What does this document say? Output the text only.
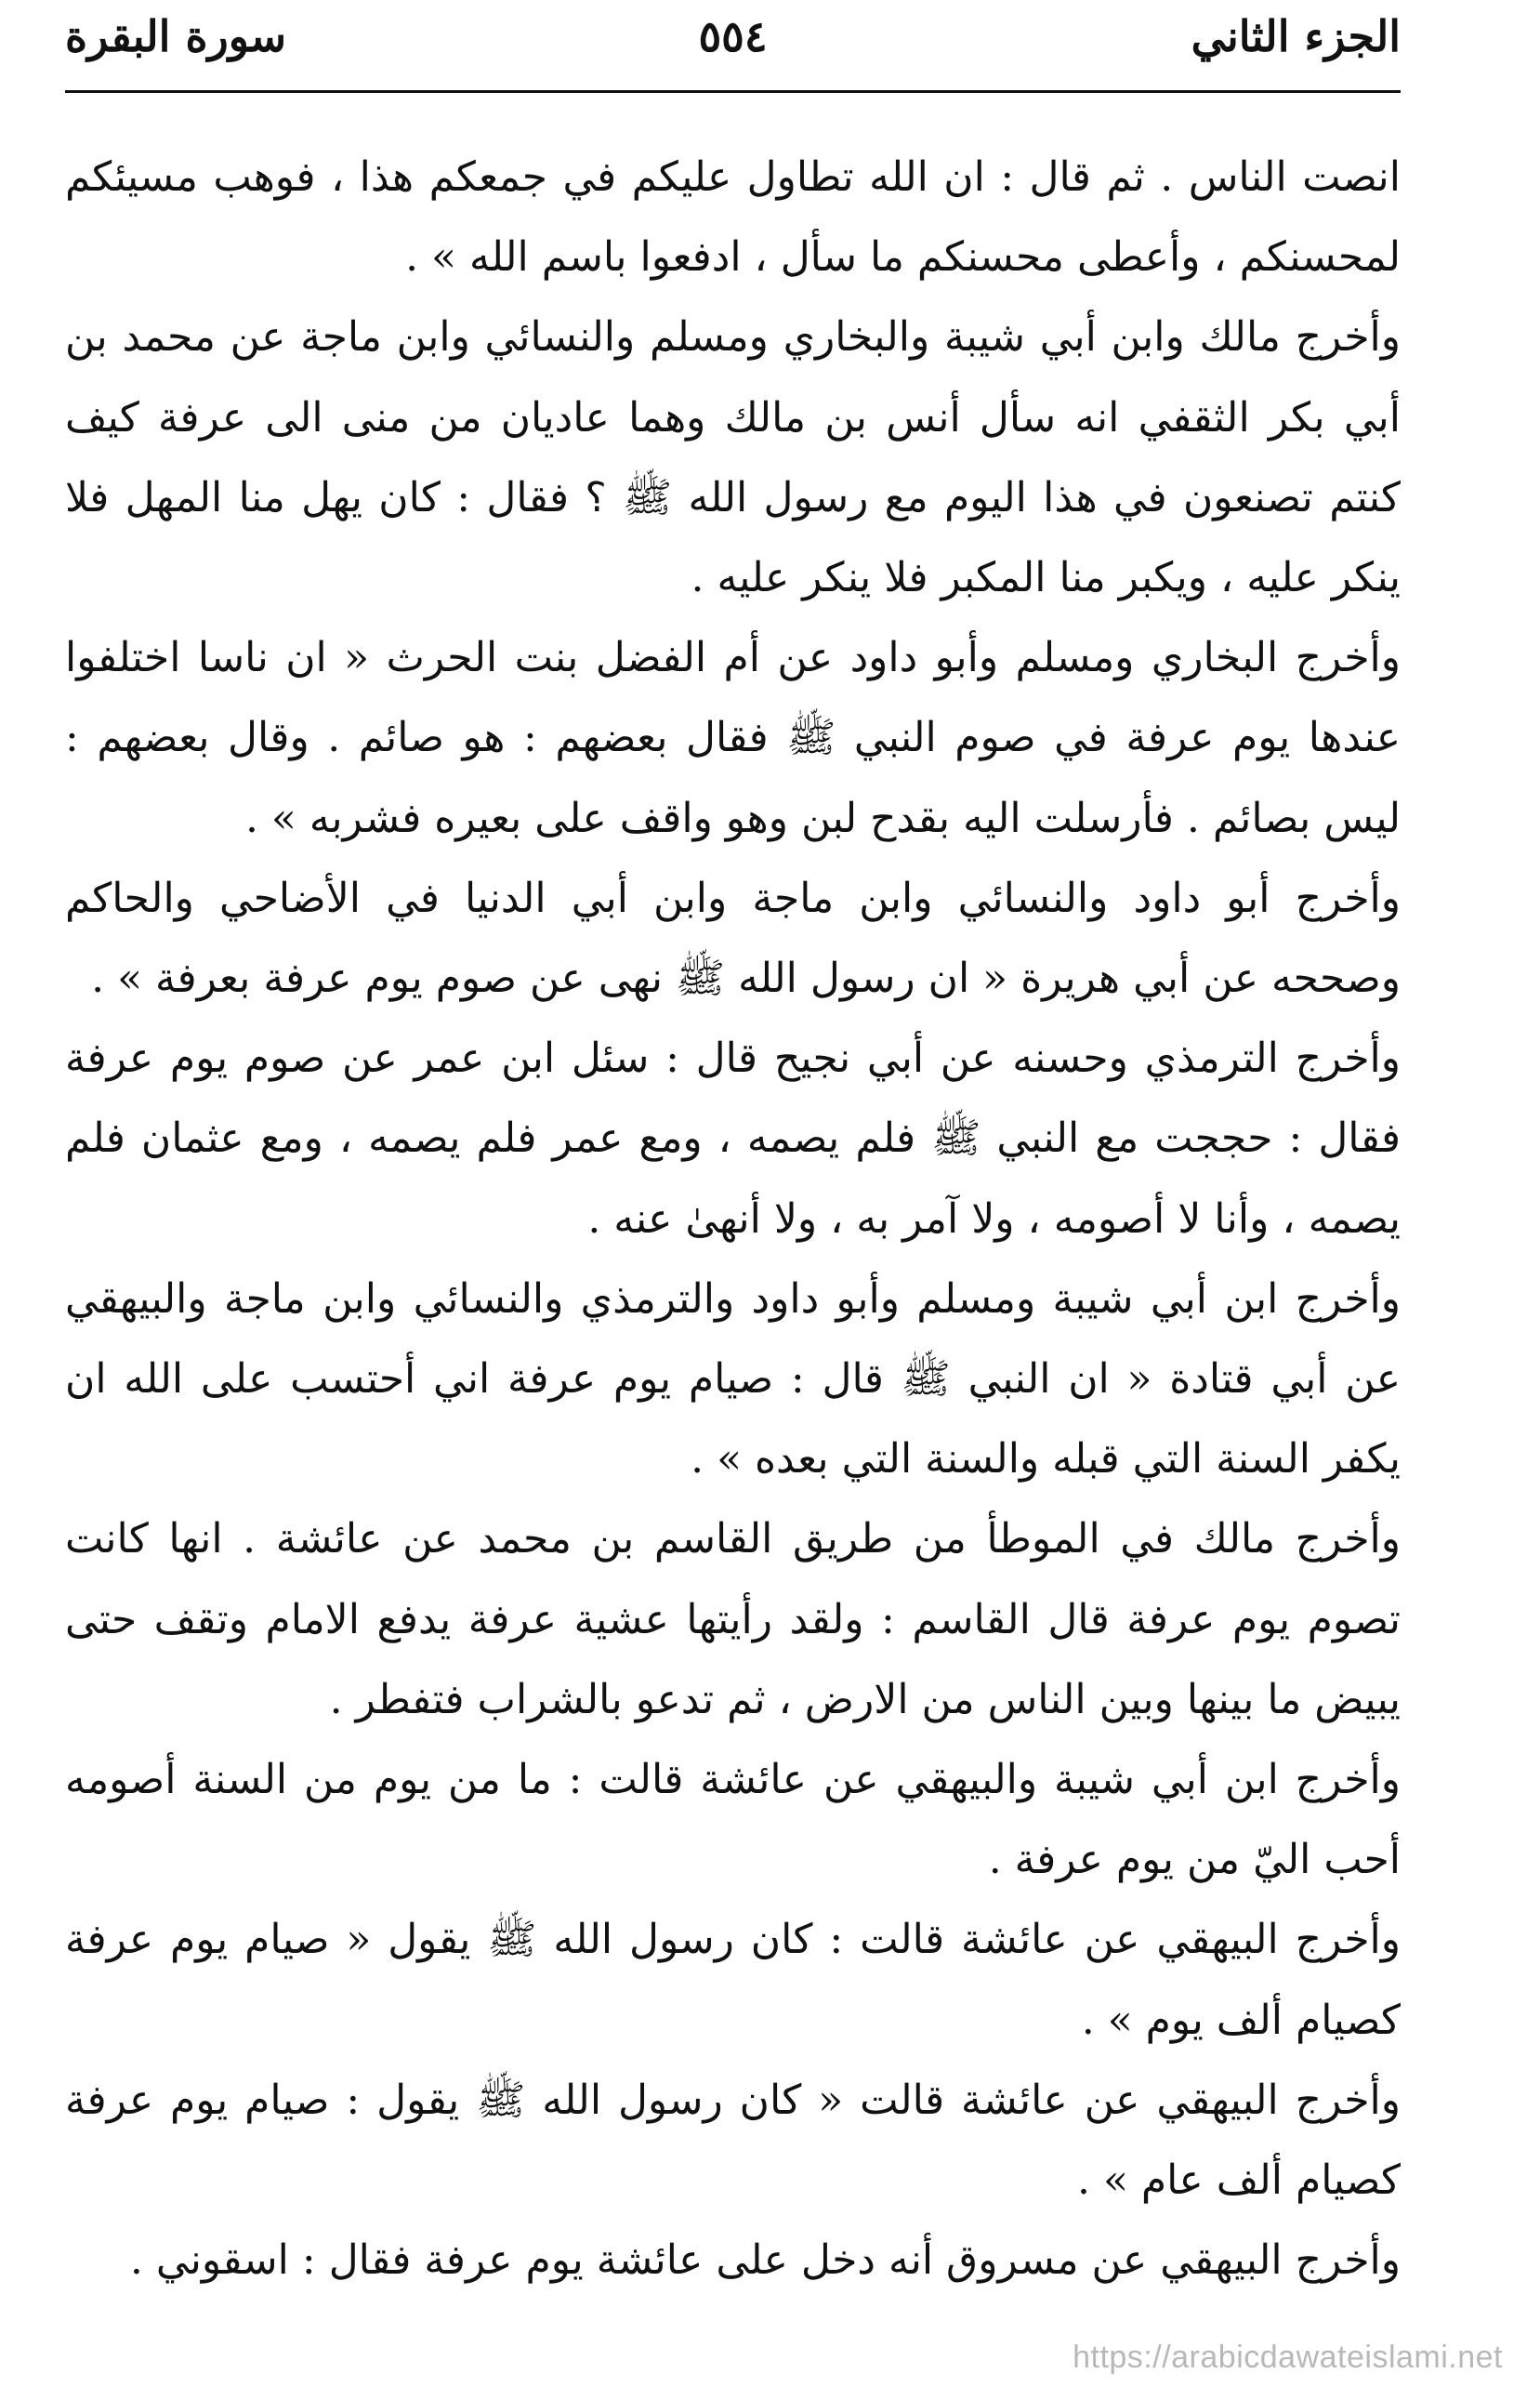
الجزء الثاني
٥٥٤
سورة البقرة

انصت الناس . ثم قال : ان الله تطاول عليكم في جمعكم هذا ، فوهب مسيئكم لمحسنكم ، وأعطى محسنكم ما سأل ، ادفعوا باسم الله » .

وأخرج مالك وابن أبي شيبة والبخاري ومسلم والنسائي وابن ماجة عن محمد بن أبي بكر الثقفي انه سأل أنس بن مالك وهما عاديان من منى الى عرفة كيف كنتم تصنعون في هذا اليوم مع رسول الله ﷺ ؟ فقال : كان يهل منا المهل فلا ينكر عليه ، ويكبر منا المكبر فلا ينكر عليه .

وأخرج البخاري ومسلم وأبو داود عن أم الفضل بنت الحرث « ان ناسا اختلفوا عندها يوم عرفة في صوم النبي ﷺ فقال بعضهم : هو صائم . وقال بعضهم : ليس بصائم . فأرسلت اليه بقدح لبن وهو واقف على بعيره فشربه » .

وأخرج أبو داود والنسائي وابن ماجة وابن أبي الدنيا في الأضاحي والحاكم وصححه عن أبي هريرة « ان رسول الله ﷺ نهى عن صوم يوم عرفة بعرفة » .

وأخرج الترمذي وحسنه عن أبي نجيح قال : سئل ابن عمر عن صوم يوم عرفة فقال : حججت مع النبي ﷺ فلم يصمه ، ومع عمر فلم يصمه ، ومع عثمان فلم يصمه ، وأنا لا أصومه ، ولا آمر به ، ولا أنهىٰ عنه .

وأخرج ابن أبي شيبة ومسلم وأبو داود والترمذي والنسائي وابن ماجة والبيهقي عن أبي قتادة « ان النبي ﷺ قال : صيام يوم عرفة اني أحتسب على الله ان يكفر السنة التي قبله والسنة التي بعده » .

وأخرج مالك في الموطأ من طريق القاسم بن محمد عن عائشة . انها كانت تصوم يوم عرفة قال القاسم : ولقد رأيتها عشية عرفة يدفع الامام وتقف حتى يبيض ما بينها وبين الناس من الارض ، ثم تدعو بالشراب فتفطر .

وأخرج ابن أبي شيبة والبيهقي عن عائشة قالت : ما من يوم من السنة أصومه أحب اليّ من يوم عرفة .

وأخرج البيهقي عن عائشة قالت : كان رسول الله ﷺ يقول « صيام يوم عرفة كصيام ألف يوم » .

وأخرج البيهقي عن عائشة قالت « كان رسول الله ﷺ يقول : صيام يوم عرفة كصيام ألف عام » .

وأخرج البيهقي عن مسروق أنه دخل على عائشة يوم عرفة فقال : اسقوني .

https://arabicdawateislami.net
